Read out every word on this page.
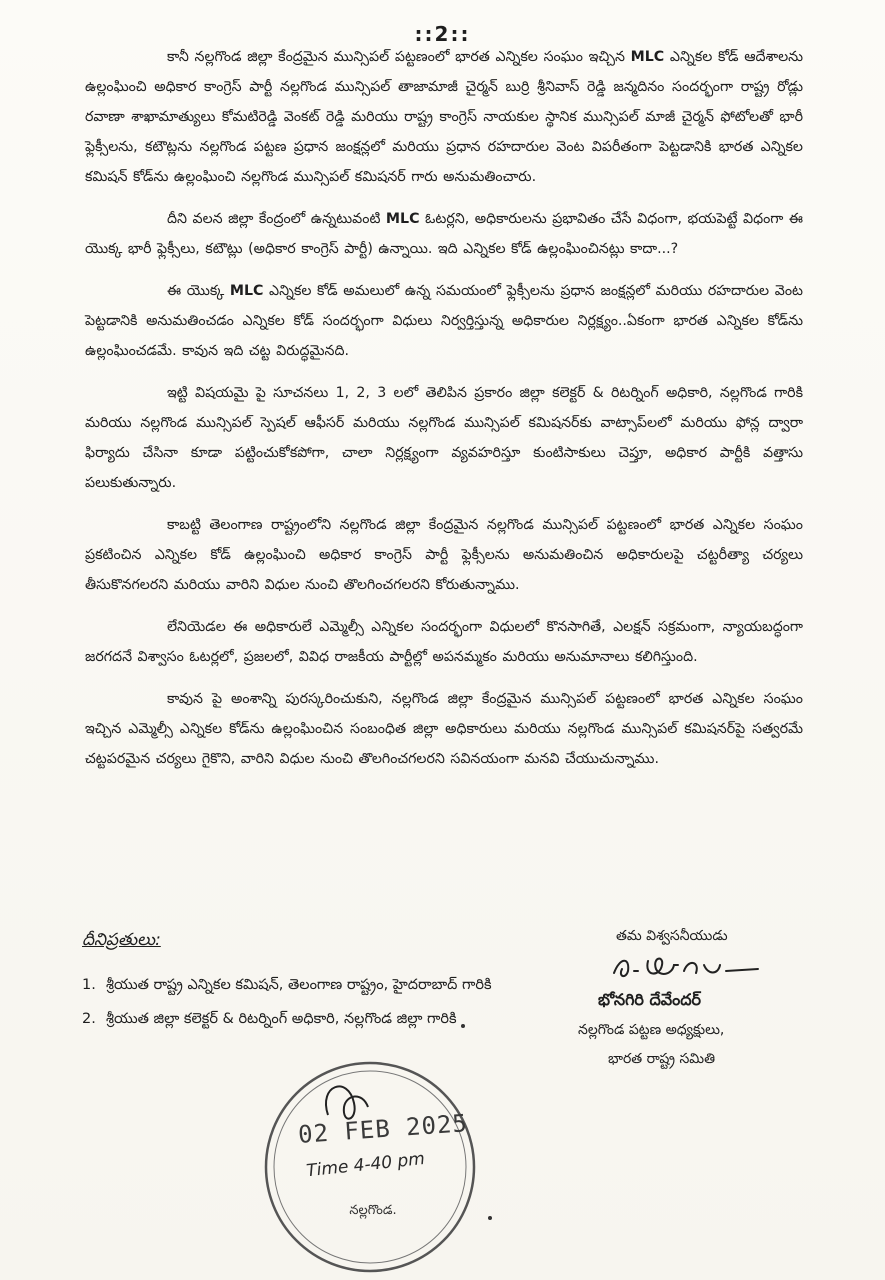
::2::

కానీ నల్లగొండ జిల్లా కేంద్రమైన మున్సిపల్ పట్టణంలో భారత ఎన్నికల సంఘం ఇచ్చిన MLC ఎన్నికల కోడ్ ఆదేశాలను ఉల్లంఘించి అధికార కాంగ్రెస్ పార్టీ నల్లగొండ మున్సిపల్ తాజామాజీ చైర్మన్ బుర్రి శ్రీనివాస్ రెడ్డి జన్మదినం సందర్భంగా రాష్ట్ర రోడ్లు రవాణా శాఖామాత్యులు కోమటిరెడ్డి వెంకట్ రెడ్డి మరియు రాష్ట్ర కాంగ్రెస్ నాయకుల స్థానిక మున్సిపల్ మాజీ చైర్మన్ ఫోటోలతో భారీ ఫ్లెక్సీలను, కటౌట్లను నల్లగొండ పట్టణ ప్రధాన జంక్షన్లలో మరియు ప్రధాన రహదారుల వెంట విపరీతంగా పెట్టడానికి భారత ఎన్నికల కమిషన్ కోడ్‌ను ఉల్లంఘించి నల్లగొండ మున్సిపల్ కమిషనర్ గారు అనుమతించారు.

దీని వలన జిల్లా కేంద్రంలో ఉన్నటువంటి MLC ఓటర్లని, అధికారులను ప్రభావితం చేసే విధంగా, భయపెట్టే విధంగా ఈ యొక్క భారీ ఫ్లెక్సీలు, కటౌట్లు (అధికార కాంగ్రెస్ పార్టీ) ఉన్నాయి. ఇది ఎన్నికల కోడ్ ఉల్లంఘించినట్లు కాదా...?

ఈ యొక్క MLC ఎన్నికల కోడ్ అమలులో ఉన్న సమయంలో ఫ్లెక్సీలను ప్రధాన జంక్షన్లలో మరియు రహదారుల వెంట పెట్టడానికి అనుమతించడం ఎన్నికల కోడ్ సందర్భంగా విధులు నిర్వర్తిస్తున్న అధికారుల నిర్లక్ష్యం..ఏకంగా భారత ఎన్నికల కోడ్‌ను ఉల్లంఘించడమే. కావున ఇది చట్ట విరుద్ధమైనది.

ఇట్టి విషయమై పై సూచనలు 1, 2, 3 లలో తెలిపిన ప్రకారం జిల్లా కలెక్టర్ & రిటర్నింగ్ అధికారి, నల్లగొండ గారికి మరియు నల్లగొండ మున్సిపల్ స్పెషల్ ఆఫీసర్ మరియు నల్లగొండ మున్సిపల్ కమిషనర్‌కు వాట్సాప్‌లలో మరియు ఫోన్ల ద్వారా ఫిర్యాదు చేసినా కూడా పట్టించుకోకపోగా, చాలా నిర్లక్ష్యంగా వ్యవహరిస్తూ కుంటిసాకులు చెప్తూ, అధికార పార్టీకి వత్తాసు పలుకుతున్నారు.

కాబట్టి తెలంగాణ రాష్ట్రంలోని నల్లగొండ జిల్లా కేంద్రమైన నల్లగొండ మున్సిపల్ పట్టణంలో భారత ఎన్నికల సంఘం ప్రకటించిన ఎన్నికల కోడ్ ఉల్లంఘించి అధికార కాంగ్రెస్ పార్టీ ఫ్లెక్సీలను అనుమతించిన అధికారులపై చట్టరీత్యా చర్యలు తీసుకొనగలరని మరియు వారిని విధుల నుంచి తొలగించగలరని కోరుతున్నాము.

లేనియెడల ఈ అధికారులే ఎమ్మెల్సీ ఎన్నికల సందర్భంగా విధులలో కొనసాగితే, ఎలక్షన్ సక్రమంగా, న్యాయబద్ధంగా జరగదనే విశ్వాసం ఓటర్లలో, ప్రజలలో, వివిధ రాజకీయ పార్టీల్లో అపనమ్మకం మరియు అనుమానాలు కలిగిస్తుంది.

కావున పై అంశాన్ని పురస్కరించుకుని, నల్లగొండ జిల్లా కేంద్రమైన మున్సిపల్ పట్టణంలో భారత ఎన్నికల సంఘం ఇచ్చిన ఎమ్మెల్సీ ఎన్నికల కోడ్‌ను ఉల్లంఘించిన సంబంధిత జిల్లా అధికారులు మరియు నల్లగొండ మున్సిపల్ కమిషనర్‌పై సత్వరమే చట్టపరమైన చర్యలు గైకొని, వారిని విధుల నుంచి తొలగించగలరని సవినయంగా మనవి చేయుచున్నాము.

దీనిప్రతులు:
1. శ్రీయుత రాష్ట్ర ఎన్నికల కమిషన్, తెలంగాణ రాష్ట్రం, హైదరాబాద్ గారికి
2. శ్రీయుత జిల్లా కలెక్టర్ & రిటర్నింగ్ అధికారి, నల్లగొండ జిల్లా గారికి
తమ విశ్వసనీయుడు
భోనగిరి దేవేందర్
నల్లగొండ పట్టణ అధ్యక్షులు,
భారత రాష్ట్ర సమితి
02 FEB 2025
Time 4-40 pm
నల్లగొండ.
